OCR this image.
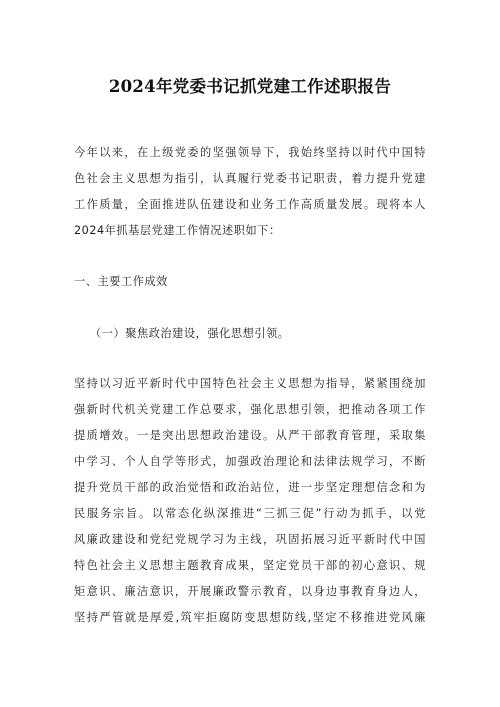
2024年党委书记抓党建工作述职报告
今年以来，在上级党委的坚强领导下，我始终坚持以时代中国特
色社会主义思想为指引，认真履行党委书记职责，着力提升党建
工作质量，全面推进队伍建设和业务工作高质量发展。现将本人
2024年抓基层党建工作情况述职如下：
一、主要工作成效
（一）聚焦政治建设，强化思想引领。
坚持以习近平新时代中国特色社会主义思想为指导，紧紧围绕加
强新时代机关党建工作总要求，强化思想引领，把推动各项工作
提质增效。一是突出思想政治建设。从严干部教育管理，采取集
中学习、个人自学等形式，加强政治理论和法律法规学习，不断
提升党员干部的政治觉悟和政治站位，进一步坚定理想信念和为
民服务宗旨。以常态化纵深推进“三抓三促”行动为抓手，以党
风廉政建设和党纪党规学习为主线，巩固拓展习近平新时代中国
特色社会主义思想主题教育成果，坚定党员干部的初心意识、规
矩意识、廉洁意识，开展廉政警示教育，以身边事教育身边人，
坚持严管就是厚爱,筑牢拒腐防变思想防线,坚定不移推进党风廉
